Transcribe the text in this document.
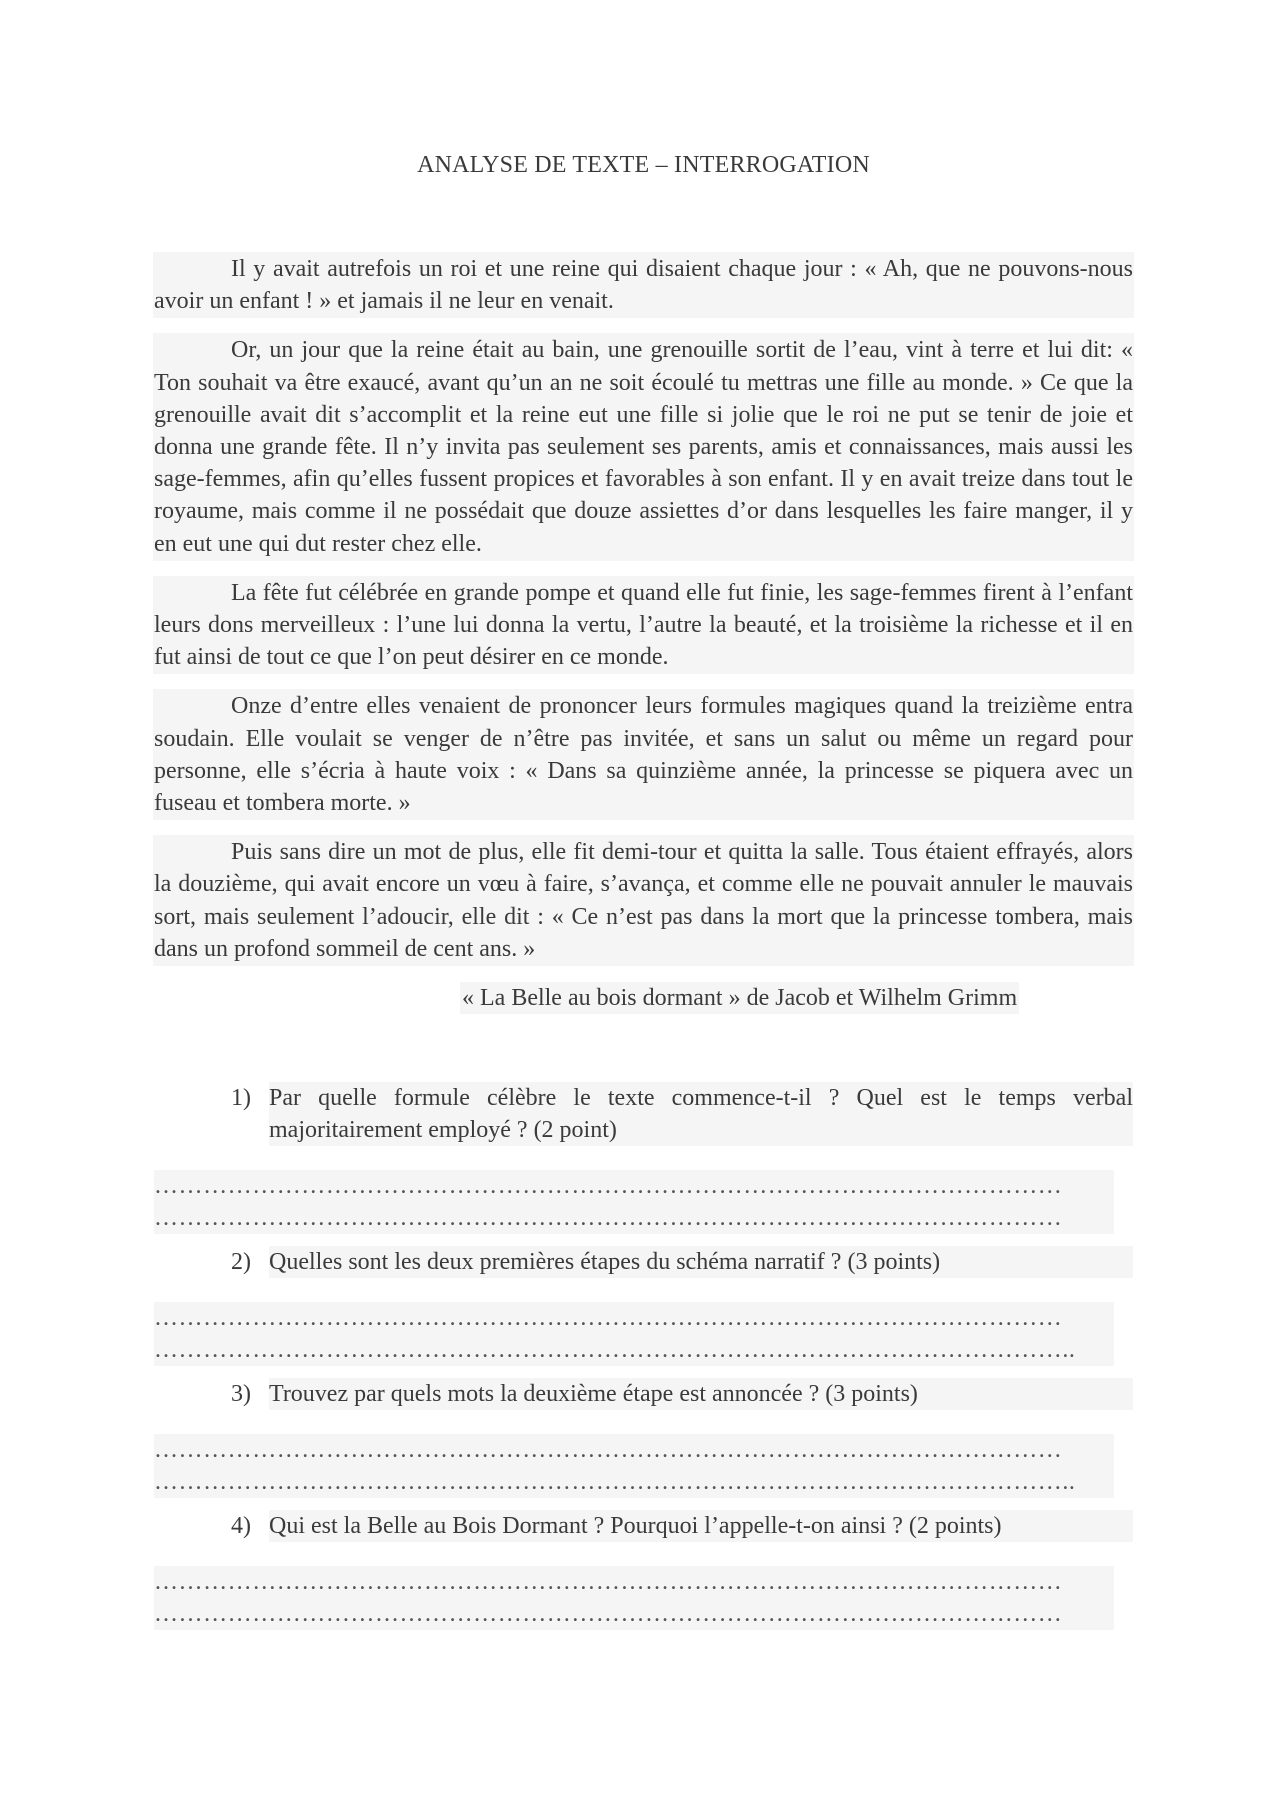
ANALYSE DE TEXTE – INTERROGATION

Il y avait autrefois un roi et une reine qui disaient chaque jour : « Ah, que ne pouvons-nous avoir un enfant ! » et jamais il ne leur en venait.

Or, un jour que la reine était au bain, une grenouille sortit de l’eau, vint à terre et lui dit: « Ton souhait va être exaucé, avant qu’un an ne soit écoulé tu mettras une fille au monde. » Ce que la grenouille avait dit s’accomplit et la reine eut une fille si jolie que le roi ne put se tenir de joie et donna une grande fête. Il n’y invita pas seulement ses parents, amis et connaissances, mais aussi les sage-femmes, afin qu’elles fussent propices et favorables à son enfant. Il y en avait treize dans tout le royaume, mais comme il ne possédait que douze assiettes d’or dans lesquelles les faire manger, il y en eut une qui dut rester chez elle.

La fête fut célébrée en grande pompe et quand elle fut finie, les sage-femmes firent à l’enfant leurs dons merveilleux : l’une lui donna la vertu, l’autre la beauté, et la troisième la richesse et il en fut ainsi de tout ce que l’on peut désirer en ce monde.

Onze d’entre elles venaient de prononcer leurs formules magiques quand la treizième entra soudain. Elle voulait se venger de n’être pas invitée, et sans un salut ou même un regard pour personne, elle s’écria à haute voix : « Dans sa quinzième année, la princesse se piquera avec un fuseau et tombera morte. »

Puis sans dire un mot de plus, elle fit demi-tour et quitta la salle. Tous étaient effrayés, alors la douzième, qui avait encore un vœu à faire, s’avança, et comme elle ne pouvait annuler le mauvais sort, mais seulement l’adoucir, elle dit : « Ce n’est pas dans la mort que la princesse tombera, mais dans un profond sommeil de cent ans. »

« La Belle au bois dormant » de Jacob et Wilhelm Grimm
1) Par quelle formule célèbre le texte commence-t-il ? Quel est le temps verbal majoritairement employé ? (2 point)
…………………………………………………………………………………………………
…………………………………………………………………………………………………
2) Quelles sont les deux premières étapes du schéma narratif ? (3 points)
…………………………………………………………………………………………………
…………………………………………………………………………………………………..
3) Trouvez par quels mots la deuxième étape est annoncée ? (3 points)
…………………………………………………………………………………………………
…………………………………………………………………………………………………..
4) Qui est la Belle au Bois Dormant ? Pourquoi l’appelle-t-on ainsi ? (2 points)
…………………………………………………………………………………………………
…………………………………………………………………………………………………
